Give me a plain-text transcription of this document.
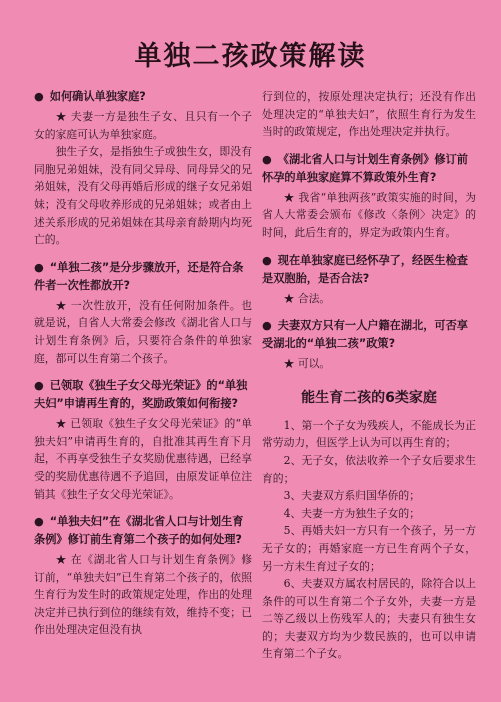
单独二孩政策解读

● 如何确认单独家庭?

★ 夫妻一方是独生子女、且只有一个子女的家庭可认为单独家庭。

独生子女，是指独生子或独生女，即没有同胞兄弟姐妹，没有同父异母、同母异父的兄弟姐妹，没有父母再婚后形成的继子女兄弟姐妹；没有父母收养形成的兄弟姐妹；或者由上述关系形成的兄弟姐妹在其母亲育龄期内均死亡的。

● “单独二孩”是分步骤放开，还是符合条件者一次性都放开?

★ 一次性放开，没有任何附加条件。也就是说，自省人大常委会修改《湖北省人口与计划生育条例》后，只要符合条件的单独家庭，都可以生育第二个孩子。

● 已领取《独生子女父母光荣证》的“单独夫妇”申请再生育的，奖励政策如何衔接?

★ 已领取《独生子女父母光荣证》的“单独夫妇”申请再生育的，自批准其再生育下月起，不再享受独生子女奖励优惠待遇，已经享受的奖励优惠待遇不予追回，由原发证单位注销其《独生子女父母光荣证》。

● “单独夫妇”在《湖北省人口与计划生育条例》修订前生育第二个孩子的如何处理?

★ 在《湖北省人口与计划生育条例》修订前，“单独夫妇”已生育第二个孩子的，依照生育行为发生时的政策规定处理，作出的处理决定并已执行到位的继续有效，维持不变；已作出处理决定但没有执

行到位的，按原处理决定执行；还没有作出处理决定的“单独夫妇”，依照生育行为发生当时的政策规定，作出处理决定并执行。

● 《湖北省人口与计划生育条例》修订前怀孕的单独家庭算不算政策外生育?

★ 我省“单独两孩”政策实施的时间，为省人大常委会颁布《修改〈条例〉决定》的时间，此后生育的，界定为政策内生育。

● 现在单独家庭已经怀孕了，经医生检查是双胞胎，是否合法?

★ 合法。

● 夫妻双方只有一人户籍在湖北，可否享受湖北的“单独二孩”政策?

★ 可以。

能生育二孩的6类家庭

1、第一个子女为残疾人，不能成长为正常劳动力，但医学上认为可以再生育的；

2、无子女，依法收养一个子女后要求生育的；

3、夫妻双方系归国华侨的；

4、夫妻一方为独生子女的；

5、再婚夫妇一方只有一个孩子，另一方无子女的；再婚家庭一方已生育两个子女，另一方未生育过子女的；

6、夫妻双方属农村居民的，除符合以上条件的可以生育第二个子女外，夫妻一方是二等乙级以上伤残军人的；夫妻只有独生女的；夫妻双方均为少数民族的，也可以申请生育第二个子女。
